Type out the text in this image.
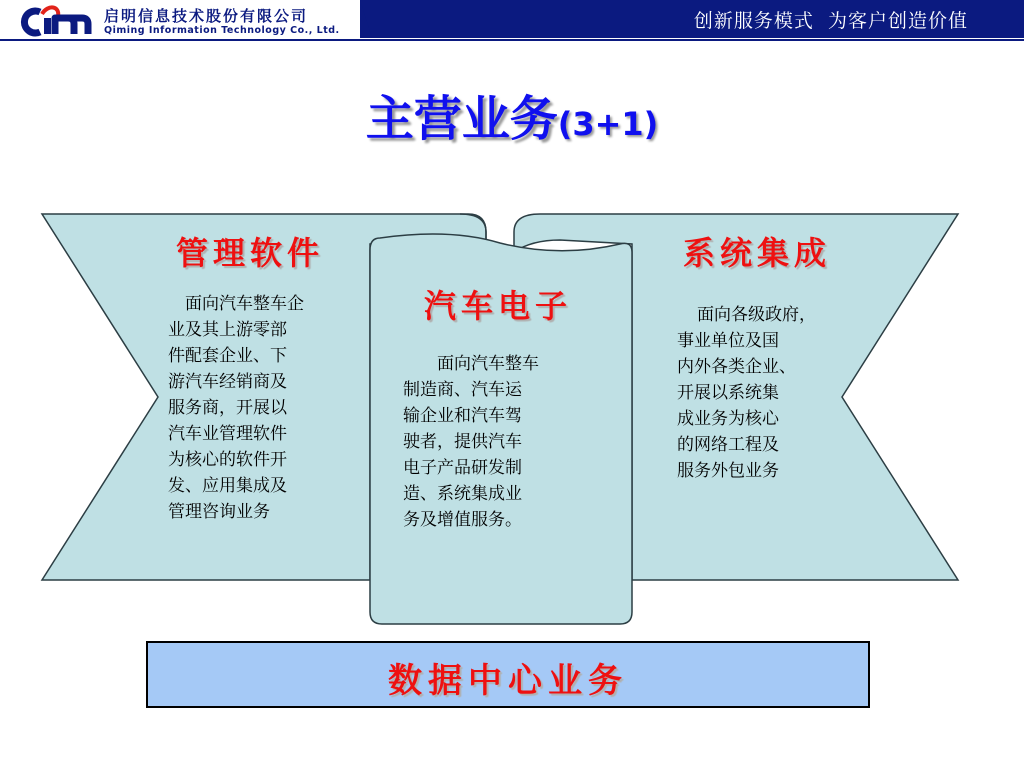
启明信息技术股份有限公司
Qiming Information Technology Co., Ltd.	创新服务模式  为客户创造价值
主营业务(3+1)
管理软件
面向汽车整车企
业及其上游零部
件配套企业、下
游汽车经销商及
服务商，开展以
汽车业管理软件
为核心的软件开
发、应用集成及
管理咨询业务
汽车电子
面向汽车整车
制造商、汽车运
输企业和汽车驾
驶者，提供汽车
电子产品研发制
造、系统集成业
务及增值服务。
系统集成
面向各级政府，
事业单位及国
内外各类企业、
开展以系统集
成业务为核心
的网络工程及
服务外包业务
数据中心业务
